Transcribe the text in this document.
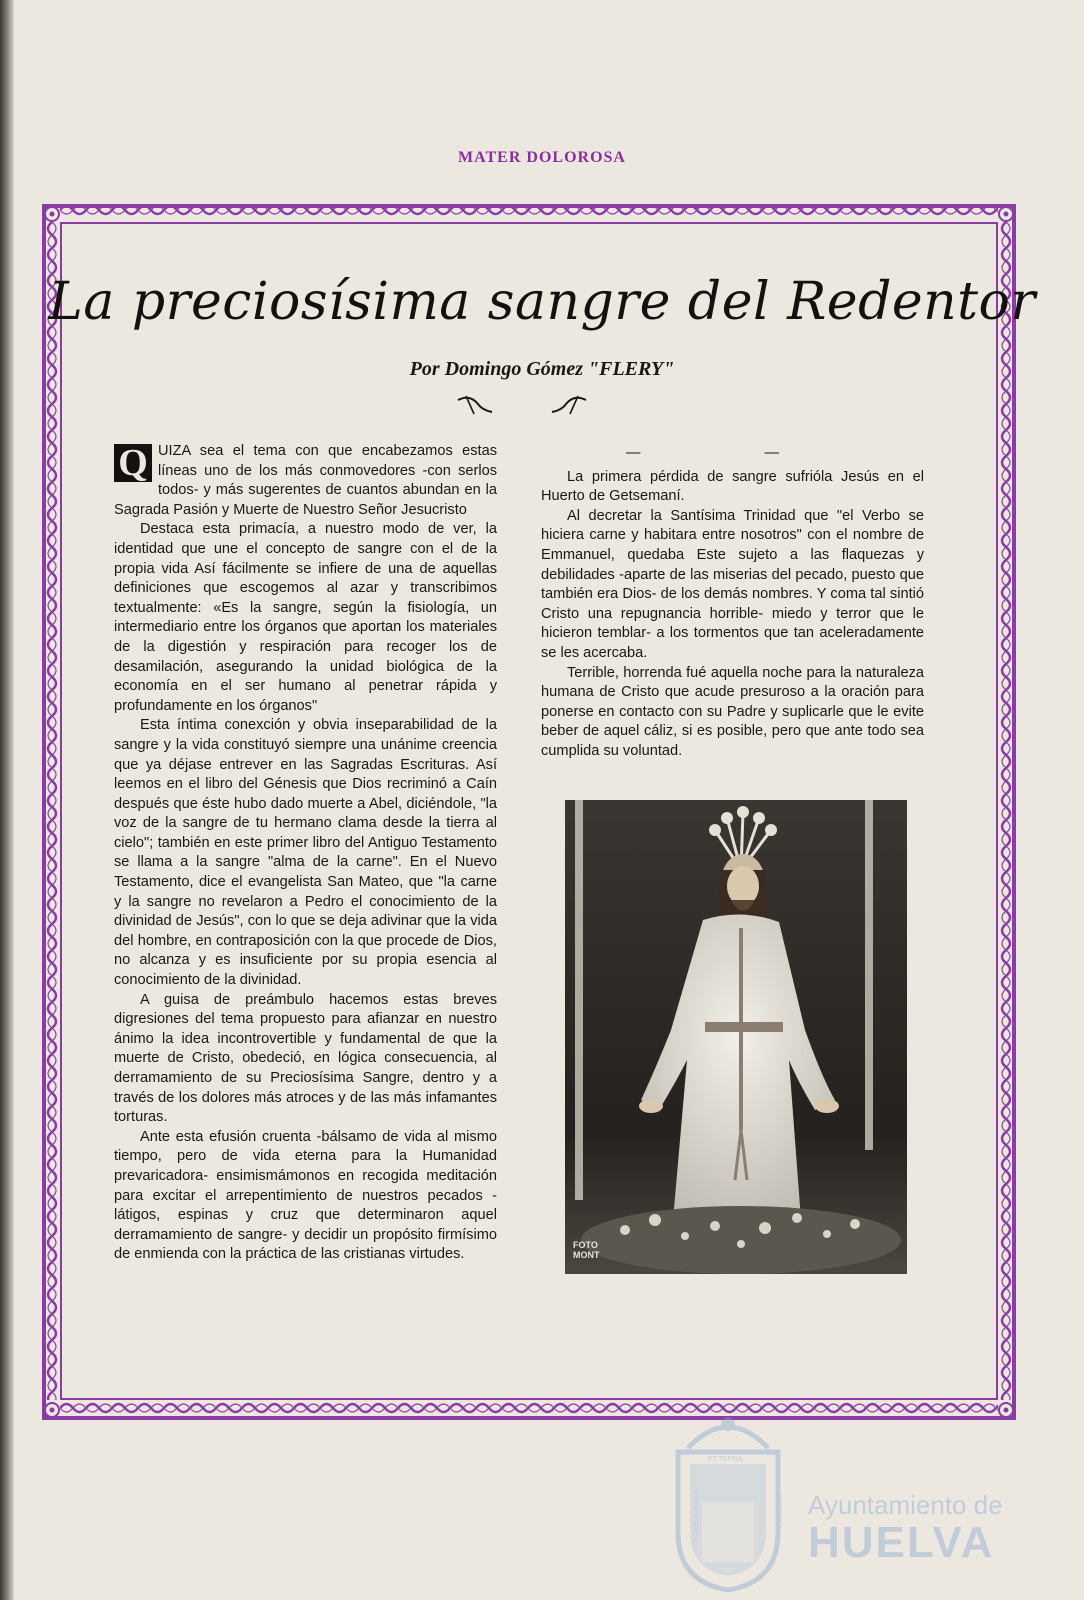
MATER DOLOROSA
La preciosísima sangre del Redentor
Por Domingo Gómez "FLERY"

Q UIZA sea el tema con que encabezamos estas líneas uno de los más conmovedores -con serlos todos- y más sugerentes de cuantos abundan en la Sagrada Pasión y Muerte de Nuestro Señor Jesucristo

Destaca esta primacía, a nuestro modo de ver, la identidad que une el concepto de sangre con el de la propia vida Así fácilmente se infiere de una de aquellas definiciones que escogemos al azar y transcribimos textualmente: «Es la sangre, según la fisiología, un intermediario entre los órganos que aportan los materiales de la digestión y respiración para recoger los de desamilación, asegurando la unidad biológica de la economía en el ser humano al penetrar rápida y profundamente en los órganos"

Esta íntima conexción y obvia inseparabilidad de la sangre y la vida constituyó siempre una unánime creencia que ya déjase entrever en las Sagradas Escrituras. Así leemos en el libro del Génesis que Dios recriminó a Caín después que éste hubo dado muerte a Abel, diciéndole, "la voz de la sangre de tu hermano clama desde la tierra al cielo"; también en este primer libro del Antiguo Testamento se llama a la sangre "alma de la carne". En el Nuevo Testamento, dice el evangelista San Mateo, que "la carne y la sangre no revelaron a Pedro el conocimiento de la divinidad de Jesús", con lo que se deja adivinar que la vida del hombre, en contraposición con la que procede de Dios, no alcanza y es insuficiente por su propia esencia al conocimiento de la divinidad.

A guisa de preámbulo hacemos estas breves digresiones del tema propuesto para afianzar en nuestro ánimo la idea incontrovertible y fundamental de que la muerte de Cristo, obedeció, en lógica consecuencia, al derramamiento de su Preciosísima Sangre, dentro y a través de los dolores más atroces y de las más infamantes torturas.

Ante esta efusión cruenta -bálsamo de vida al mismo tiempo, pero de vida eterna para la Humanidad prevaricadora- ensimismámonos en recogida meditación para excitar el arrepentimiento de nuestros pecados -látigos, espinas y cruz que determinaron aquel derramamiento de sangre- y decidir un propósito firmísimo de enmienda con la práctica de las cristianas virtudes.

— —

La primera pérdida de sangre sufrióla Jesús en el Huerto de Getsemaní.

Al decretar la Santísima Trinidad que "el Verbo se hiciera carne y habitara entre nosotros" con el nombre de Emmanuel, quedaba Este sujeto a las flaquezas y debilidades -aparte de las miserias del pecado, puesto que también era Dios- de los demás nombres. Y coma tal sintió Cristo una repugnancia horrible- miedo y terror que le hicieron temblar- a los tormentos que tan aceleradamente se les acercaba.

Terrible, horrenda fué aquella noche para la naturaleza humana de Cristo que acude presuroso a la oración para ponerse en contacto con su Padre y suplicarle que le evite beber de aquel cáliz, si es posible, pero que ante todo sea cumplida su voluntad.

FOTO
MONT
ET TERRA
PORTUS MARIS	CUSTODIA Ayuntamiento de
HUELVA
